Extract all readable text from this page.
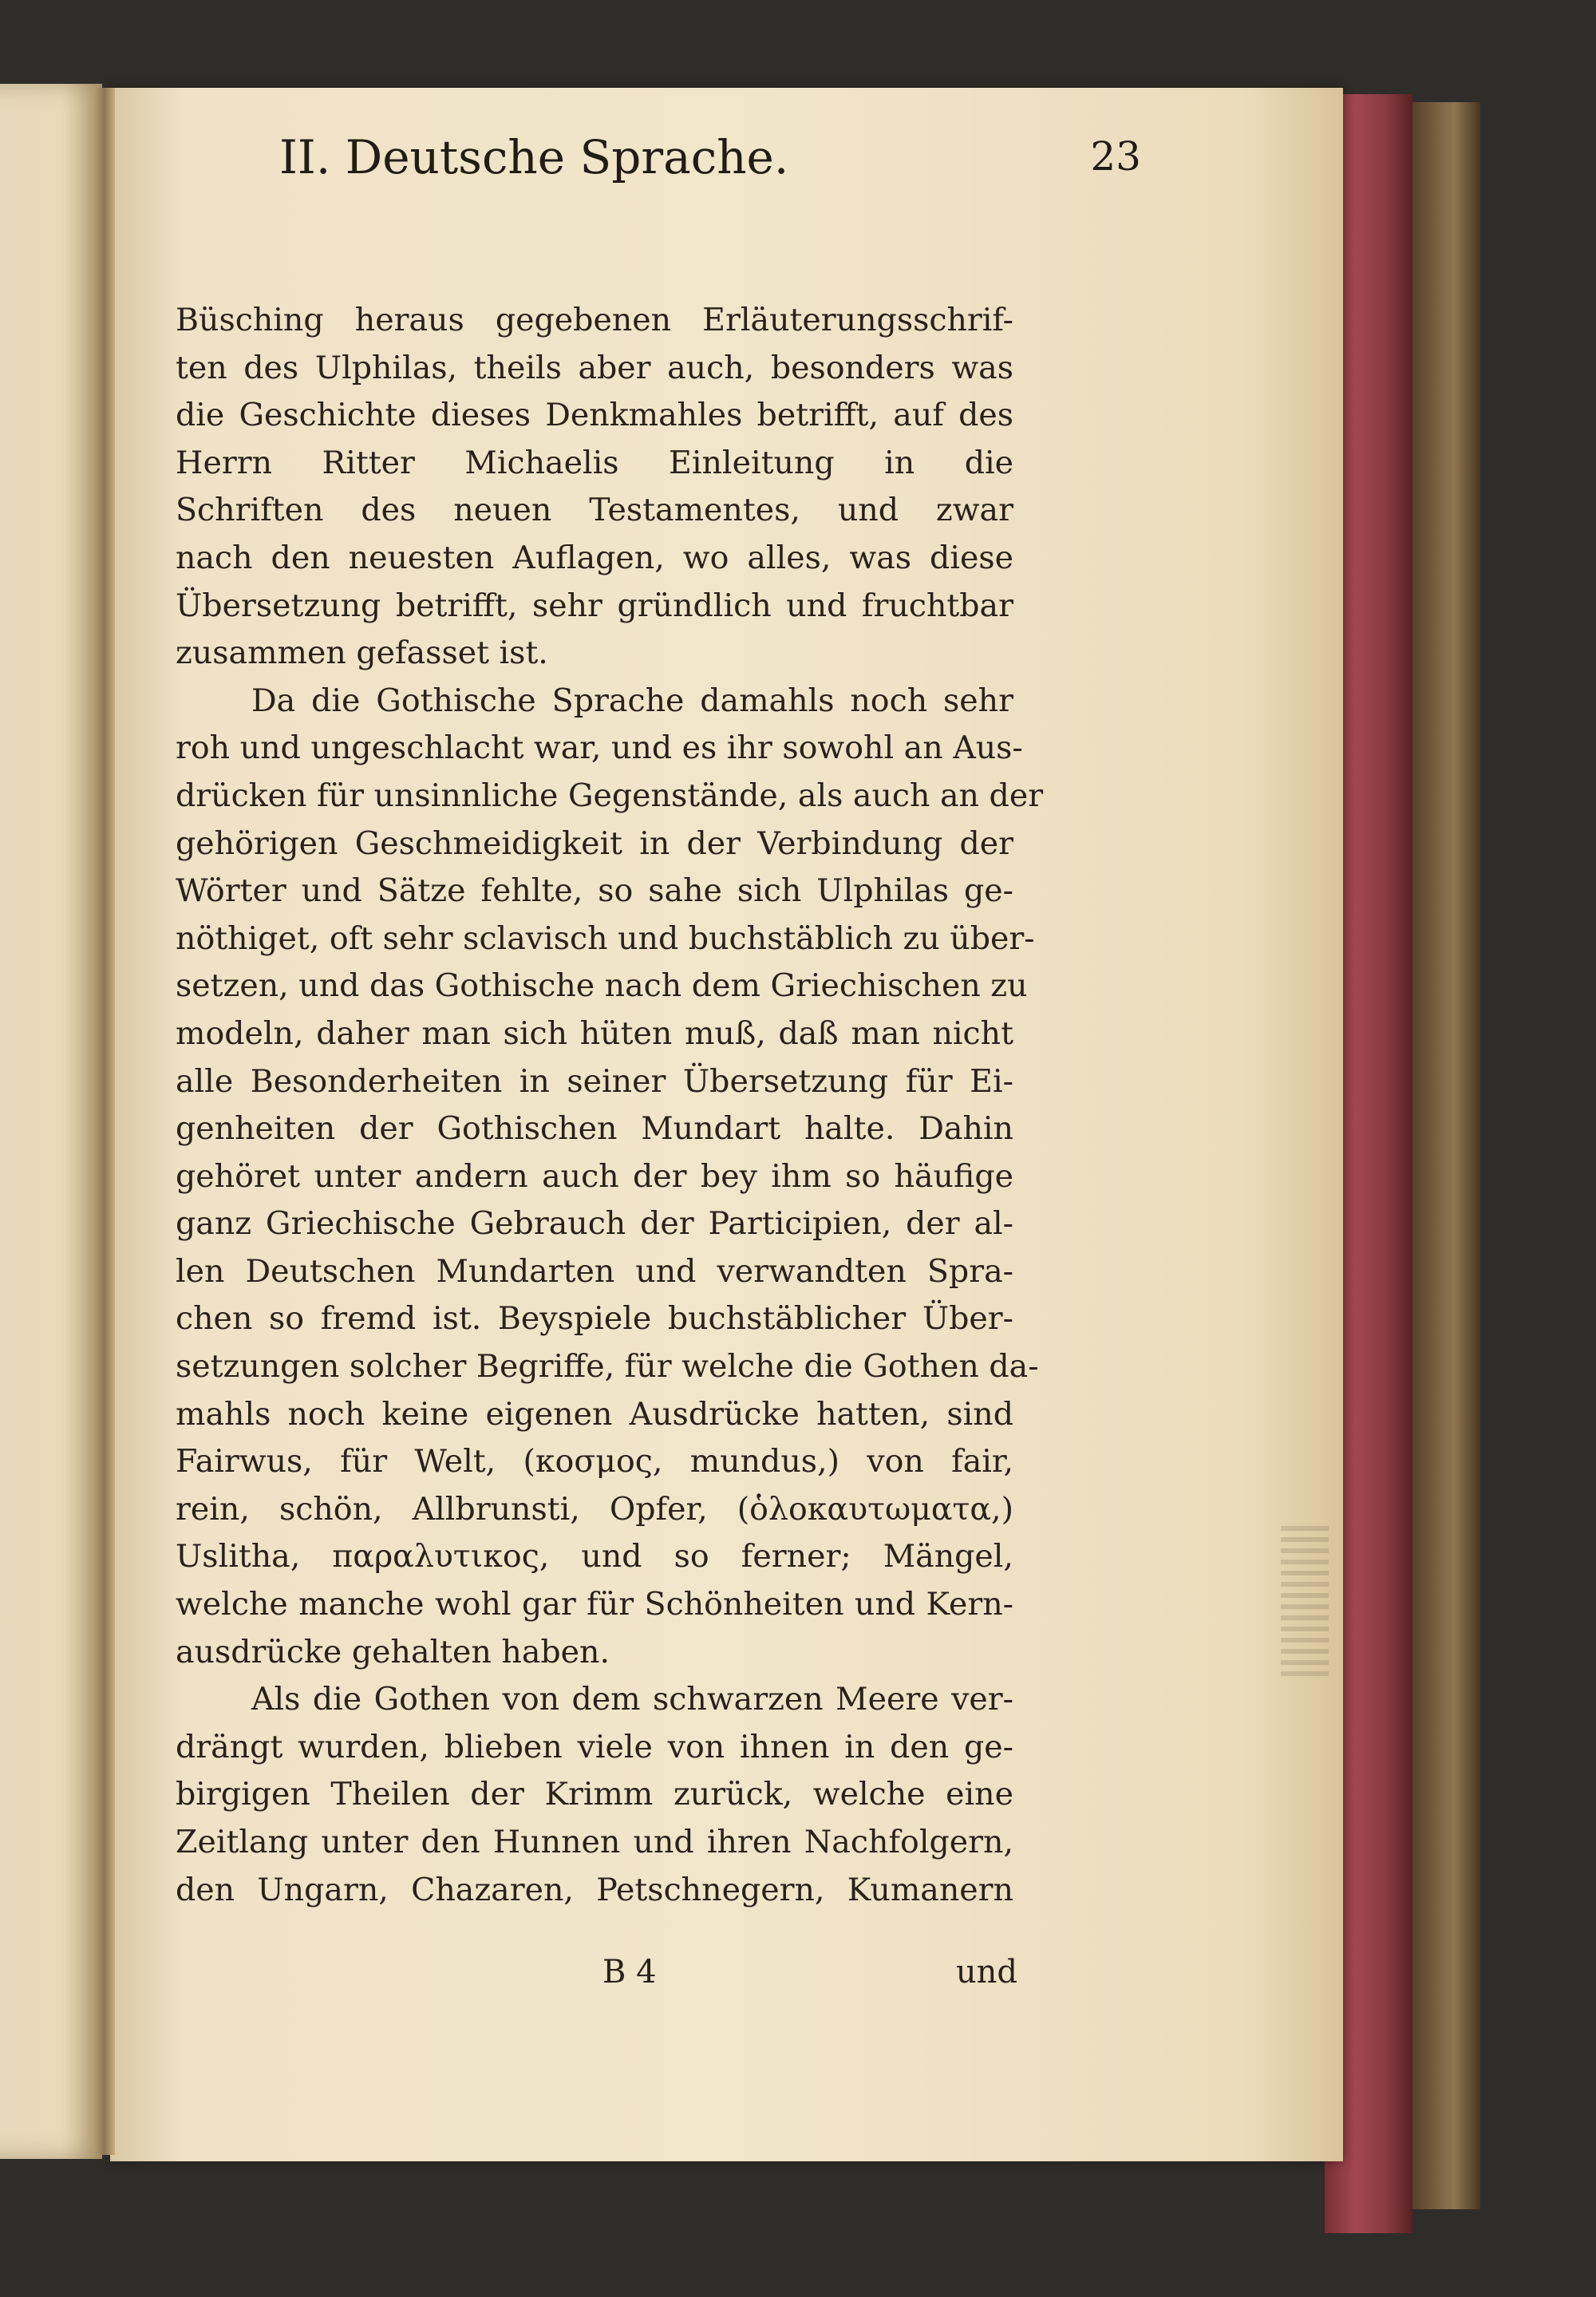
II. Deutsche Sprache.	23
Büsching heraus gegebenen Erläuterungsschrif-
ten des Ulphilas, theils aber auch, besonders was
die Geschichte dieses Denkmahles betrifft, auf des
Herrn Ritter Michaelis Einleitung in die
Schriften des neuen Testamentes, und zwar
nach den neuesten Auflagen, wo alles, was diese
Übersetzung betrifft, sehr gründlich und fruchtbar
zusammen gefasset ist.
Da die Gothische Sprache damahls noch sehr
roh und ungeschlacht war, und es ihr sowohl an Aus-
drücken für unsinnliche Gegenstände, als auch an der
gehörigen Geschmeidigkeit in der Verbindung der
Wörter und Sätze fehlte, so sahe sich Ulphilas ge-
nöthiget, oft sehr sclavisch und buchstäblich zu über-
setzen, und das Gothische nach dem Griechischen zu
modeln, daher man sich hüten muß, daß man nicht
alle Besonderheiten in seiner Übersetzung für Ei-
genheiten der Gothischen Mundart halte. Dahin
gehöret unter andern auch der bey ihm so häufige
ganz Griechische Gebrauch der Participien, der al-
len Deutschen Mundarten und verwandten Spra-
chen so fremd ist. Beyspiele buchstäblicher Über-
setzungen solcher Begriffe, für welche die Gothen da-
mahls noch keine eigenen Ausdrücke hatten, sind
Fairwus, für Welt, (κοσμος, mundus,) von fair,
rein, schön, Allbrunsti, Opfer, (ὁλοκαυτωματα,)
Uslitha, παραλυτικος, und so ferner; Mängel,
welche manche wohl gar für Schönheiten und Kern-
ausdrücke gehalten haben.
Als die Gothen von dem schwarzen Meere ver-
drängt wurden, blieben viele von ihnen in den ge-
birgigen Theilen der Krimm zurück, welche eine
Zeitlang unter den Hunnen und ihren Nachfolgern,
den Ungarn, Chazaren, Petschnegern, Kumanern
B 4	und
